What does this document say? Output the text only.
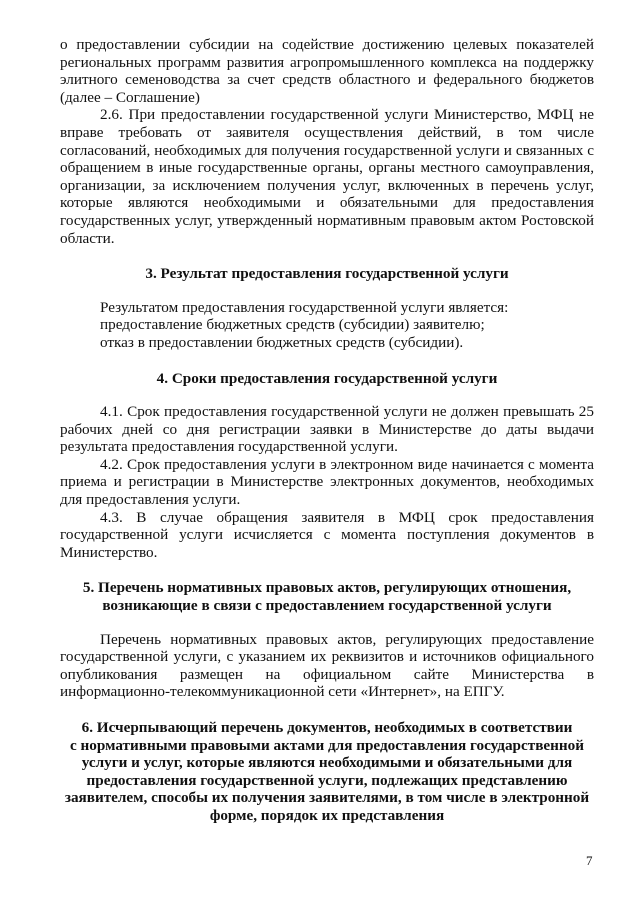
о предоставлении субсидии на содействие достижению целевых показателей региональных программ развития агропромышленного комплекса на поддержку элитного семеноводства за счет средств областного и федерального бюджетов (далее – Соглашение)

2.6. При предоставлении государственной услуги Министерство, МФЦ не вправе требовать от заявителя осуществления действий, в том числе согласований, необходимых для получения государственной услуги и связанных с обращением в иные государственные органы, органы местного самоуправления, организации, за исключением получения услуг, включенных в перечень услуг, которые являются необходимыми и обязательными для предоставления государственных услуг, утвержденный нормативным правовым актом Ростовской области.

3. Результат предоставления государственной услуги

Результатом предоставления государственной услуги является:

предоставление бюджетных средств (субсидии) заявителю;

отказ в предоставлении бюджетных средств (субсидии).

4. Сроки предоставления государственной услуги

4.1. Срок предоставления государственной услуги не должен превышать 25 рабочих дней со дня регистрации заявки в Министерстве до даты выдачи результата предоставления государственной услуги.

4.2. Срок предоставления услуги в электронном виде начинается с момента приема и регистрации в Министерстве электронных документов, необходимых для предоставления услуги.

4.3. В случае обращения заявителя в МФЦ срок предоставления государственной услуги исчисляется с момента поступления документов в Министерство.

5. Перечень нормативных правовых актов, регулирующих отношения,
возникающие в связи с предоставлением государственной услуги

Перечень нормативных правовых актов, регулирующих предоставление государственной услуги, с указанием их реквизитов и источников официального опубликования размещен на официальном сайте Министерства в информационно-телекоммуникационной сети «Интернет», на ЕПГУ.

6. Исчерпывающий перечень документов, необходимых в соответствии
с нормативными правовыми актами для предоставления государственной
услуги и услуг, которые являются необходимыми и обязательными для
предоставления государственной услуги, подлежащих представлению
заявителем, способы их получения заявителями, в том числе в электронной
форме, порядок их представления
7
